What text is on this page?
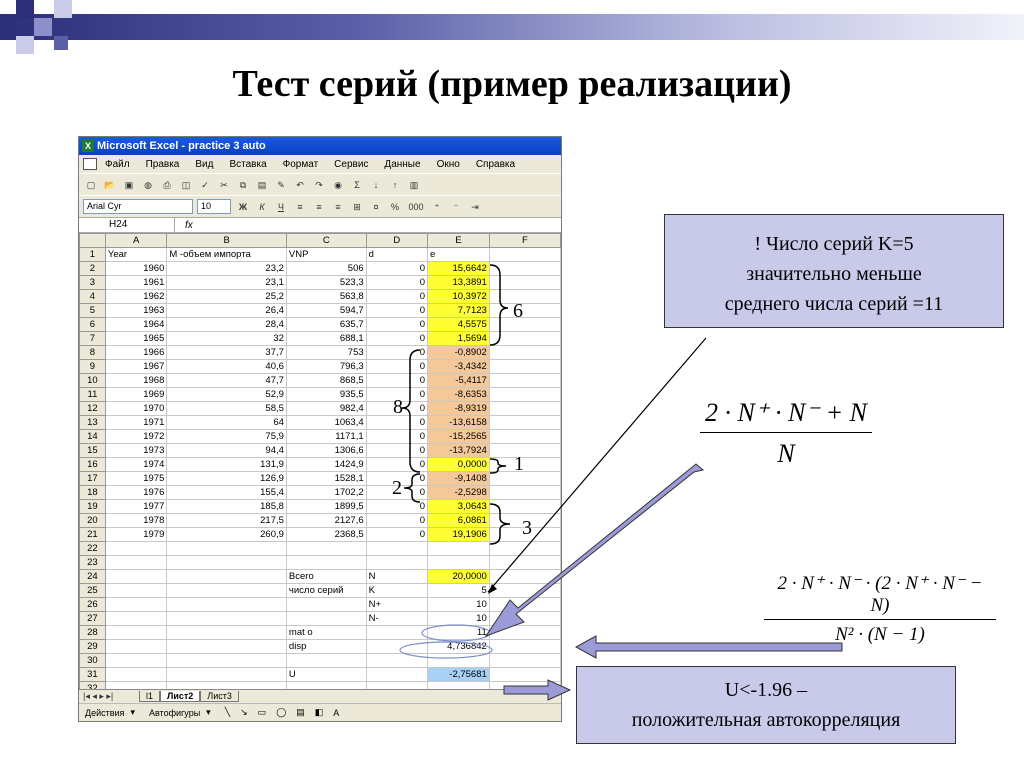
Тест серий (пример реализации)
X Microsoft Excel - practice 3 auto
Файл Правка Вид Вставка Формат Сервис Данные Окно Справка
▢	📂	▣	◍	⎙	◫	✓	✂	⧉	▤	✎	↶	↷	◉	Σ	↓	↑	▥
Arial Cyr	10	Ж	К	Ч	≡	≡	≡	⊞	¤	%	000	⁺	⁻	⇥
H24	fx
	A	B	C	D	E	F
1	Year	M -объем импорта	VNP	d	e	
2	1960	23,2	506	0	15,6642	
3	1961	23,1	523,3	0	13,3891	
4	1962	25,2	563,8	0	10,3972	
5	1963	26,4	594,7	0	7,7123	
6	1964	28,4	635,7	0	4,5575	
7	1965	32	688,1	0	1,5694	
8	1966	37,7	753	0	-0,8902	
9	1967	40,6	796,3	0	-3,4342	
10	1968	47,7	868,5	0	-5,4117	
11	1969	52,9	935,5	0	-8,6353	
12	1970	58,5	982,4	0	-8,9319	
13	1971	64	1063,4	0	-13,6158	
14	1972	75,9	1171,1	0	-15,2565	
15	1973	94,4	1306,6	0	-13,7924	
16	1974	131,9	1424,9	0	0,0000	
17	1975	126,9	1528,1	0	-9,1408	
18	1976	155,4	1702,2	0	-2,5298	
19	1977	185,8	1899,5	0	3,0643	
20	1978	217,5	2127,6	0	6,0861	
21	1979	260,9	2368,5	0	19,1906	
22						
23						
24			Всего	N	20,0000	
25			число серий	K	5	
26				N+	10	
27				N-	10	
28			mat o		11	
29			disp		4,736842	
30						
31			U		-2,75681	

|◂ ◂ ▸ ▸|	l1	Лист2	Лист3
Действия ▾ Автофигуры ▾ ╲ ↘ ▭ ◯ ▤ ◧ A
6
8
1
2
3
! Число серий K=5
значительно меньше
среднего числа серий =11
U<-1.96 –
положительная автокорреляция
$\frac{2 \cdot N^+ \cdot N^- + N}{N}$
$\frac{2 \cdot N^+ \cdot N^- \cdot (2 \cdot N^+ \cdot N^- - N)}{\text{N² · (N − 1)}}$
